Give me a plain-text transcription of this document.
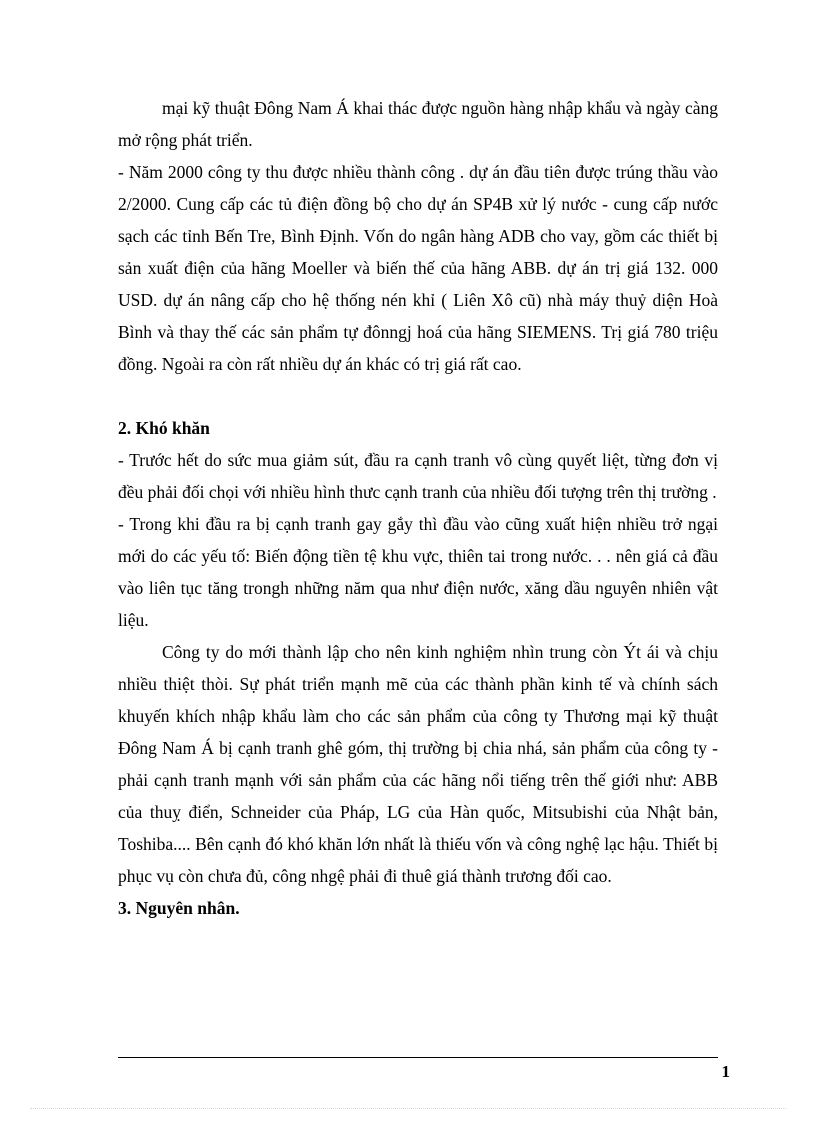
mại kỹ thuật Đông Nam Á khai thác được nguồn hàng nhập khẩu và ngày càng mở rộng phát triển.

- Năm 2000 công ty thu được nhiều thành công . dự án đầu tiên được trúng thầu vào 2/2000. Cung cấp các tủ điện đồng bộ cho dự án SP4B xử lý nước - cung cấp nước sạch các tỉnh Bến Tre, Bình Định. Vốn do ngân hàng ADB cho vay, gồm các thiết bị sản xuất điện của hãng Moeller và biến thế của hãng ABB. dự án trị giá 132. 000 USD. dự án nâng cấp cho hệ thống nén khỉ ( Liên Xô cũ) nhà máy thuỷ diện Hoà Bình và thay thế các sản phẩm tự đônngj hoá của hãng SIEMENS. Trị giá 780 triệu đồng. Ngoài ra còn rất nhiều dự án khác có trị giá rất cao.

2. Khó khăn

- Trước hết do sức mua giảm sút, đầu ra cạnh tranh vô cùng quyết liệt, từng đơn vị đều phải đối chọi với nhiều hình thưc cạnh tranh của nhiều đối tượng trên thị trường .

- Trong khi đầu ra bị cạnh tranh gay gắy thì đầu vào cũng xuất hiện nhiều trở ngại mới do các yếu tố: Biến động tiền tệ khu vực, thiên tai trong nước. . . nên giá cả đầu vào liên tục tăng trongh những năm qua như điện nước, xăng dầu nguyên nhiên vật liệu.

Công ty do mới thành lập cho nên kinh nghiệm nhìn trung còn Ýt ái và chịu nhiều thiệt thòi. Sự phát triển mạnh mẽ của các thành phần kinh tế và chính sách khuyến khích nhập khẩu làm cho các sản phẩm của công ty Thương mại kỹ thuật Đông Nam Á bị cạnh tranh ghê góm, thị trường bị chia nhá, sản phẩm của công ty - phải cạnh tranh mạnh với sản phẩm của các hãng nổi tiếng trên thế giới như: ABB của thuỵ điển, Schneider của Pháp, LG của Hàn quốc, Mitsubishi của Nhật bản, Toshiba.... Bên cạnh đó khó khăn lớn nhất là thiếu vốn và công nghệ lạc hậu. Thiết bị phục vụ còn chưa đủ, công nhgệ phải đi thuê giá thành trương đối cao.

3. Nguyên nhân.

1
